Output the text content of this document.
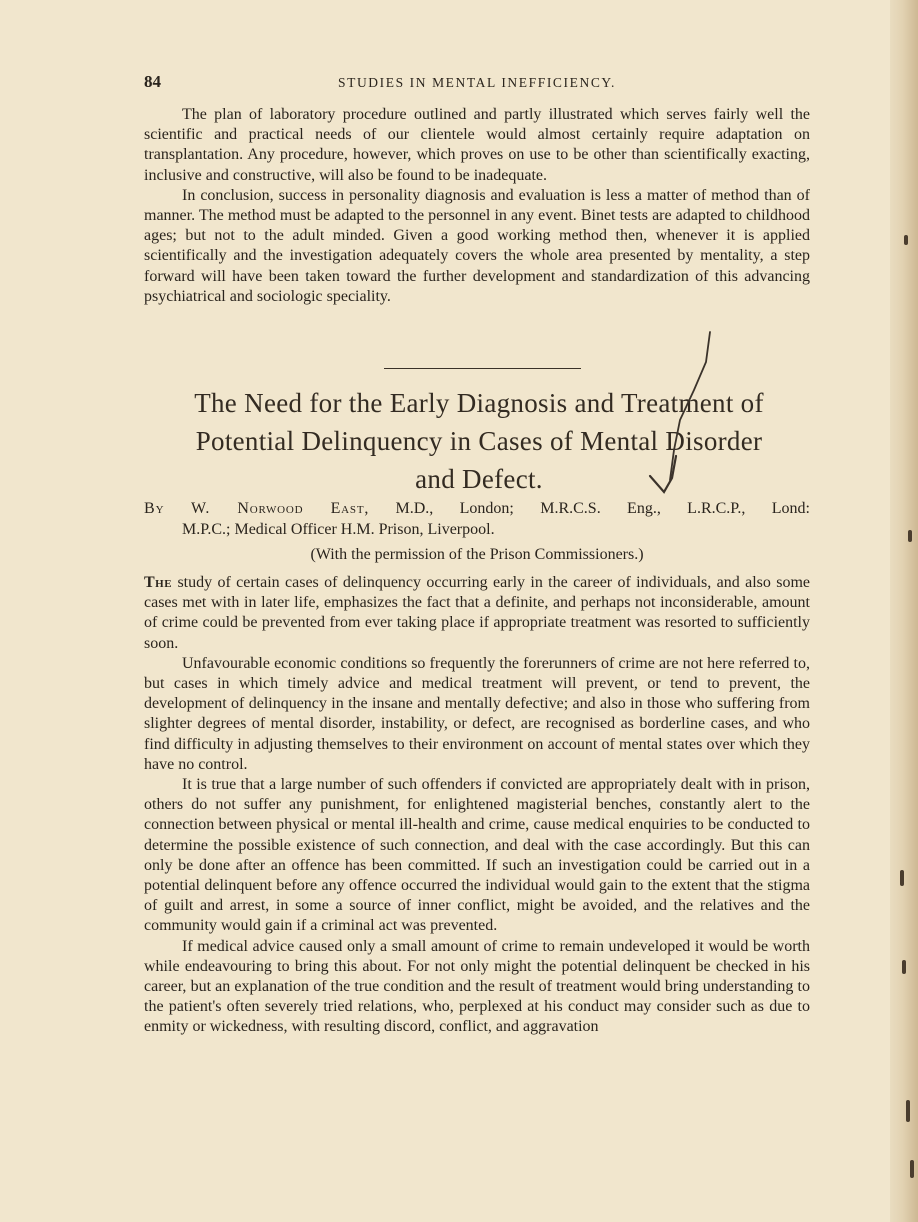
84	STUDIES IN MENTAL INEFFICIENCY.

The plan of laboratory procedure outlined and partly illustrated which serves fairly well the scientific and practical needs of our clientele would almost certainly require adaptation on transplantation. Any procedure, however, which proves on use to be other than scientifically exacting, inclusive and constructive, will also be found to be inadequate.

In conclusion, success in personality diagnosis and evaluation is less a matter of method than of manner. The method must be adapted to the personnel in any event. Binet tests are adapted to childhood ages; but not to the adult minded. Given a good working method then, whenever it is applied scientifically and the investigation adequately covers the whole area presented by mentality, a step forward will have been taken toward the further development and standardization of this advancing psychiatrical and sociologic speciality.

The Need for the Early Diagnosis and Treatment of
Potential Delinquency in Cases of Mental Disorder
and Defect.
By W. Norwood East, M.D., London; M.R.C.S. Eng., L.R.C.P., Lond:
M.P.C.; Medical Officer H.M. Prison, Liverpool.
(With the permission of the Prison Commissioners.)

The study of certain cases of delinquency occurring early in the career of individuals, and also some cases met with in later life, emphasizes the fact that a definite, and perhaps not inconsiderable, amount of crime could be prevented from ever taking place if appropriate treatment was resorted to sufficiently soon.

Unfavourable economic conditions so frequently the forerunners of crime are not here referred to, but cases in which timely advice and medical treatment will prevent, or tend to prevent, the development of delinquency in the insane and mentally defective; and also in those who suffering from slighter degrees of mental disorder, instability, or defect, are recognised as borderline cases, and who find difficulty in adjusting themselves to their environment on account of mental states over which they have no control.

It is true that a large number of such offenders if convicted are appropriately dealt with in prison, others do not suffer any punishment, for enlightened magisterial benches, constantly alert to the connection between physical or mental ill-health and crime, cause medical enquiries to be conducted to determine the possible existence of such connection, and deal with the case accordingly. But this can only be done after an offence has been committed. If such an investigation could be carried out in a potential delinquent before any offence occurred the individual would gain to the extent that the stigma of guilt and arrest, in some a source of inner conflict, might be avoided, and the relatives and the community would gain if a criminal act was prevented.

If medical advice caused only a small amount of crime to remain undeveloped it would be worth while endeavouring to bring this about. For not only might the potential delinquent be checked in his career, but an explanation of the true condition and the result of treatment would bring understanding to the patient's often severely tried relations, who, perplexed at his conduct may consider such as due to enmity or wickedness, with resulting discord, conflict, and aggravation
